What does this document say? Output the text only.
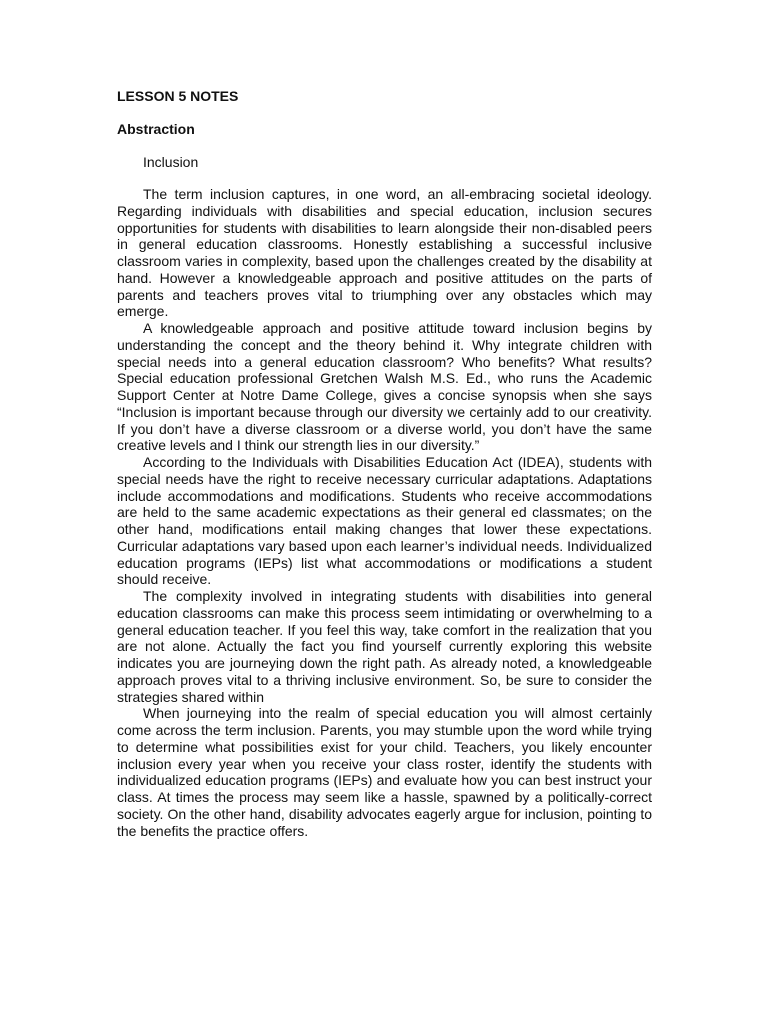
LESSON 5 NOTES

Abstraction

Inclusion

The term inclusion captures, in one word, an all-embracing societal ideology. Regarding individuals with disabilities and special education, inclusion secures opportunities for students with disabilities to learn alongside their non-disabled peers in general education classrooms. Honestly establishing a successful inclusive classroom varies in complexity, based upon the challenges created by the disability at hand. However a knowledgeable approach and positive attitudes on the parts of parents and teachers proves vital to triumphing over any obstacles which may emerge.

A knowledgeable approach and positive attitude toward inclusion begins by understanding the concept and the theory behind it. Why integrate children with special needs into a general education classroom? Who benefits? What results? Special education professional Gretchen Walsh M.S. Ed., who runs the Academic Support Center at Notre Dame College, gives a concise synopsis when she says “Inclusion is important because through our diversity we certainly add to our creativity. If you don’t have a diverse classroom or a diverse world, you don’t have the same creative levels and I think our strength lies in our diversity.”

According to the Individuals with Disabilities Education Act (IDEA), students with special needs have the right to receive necessary curricular adaptations. Adaptations include accommodations and modifications. Students who receive accommodations are held to the same academic expectations as their general ed classmates; on the other hand, modifications entail making changes that lower these expectations. Curricular adaptations vary based upon each learner’s individual needs. Individualized education programs (IEPs) list what accommodations or modifications a student should receive.

The complexity involved in integrating students with disabilities into general education classrooms can make this process seem intimidating or overwhelming to a general education teacher. If you feel this way, take comfort in the realization that you are not alone. Actually the fact you find yourself currently exploring this website indicates you are journeying down the right path. As already noted, a knowledgeable approach proves vital to a thriving inclusive environment. So, be sure to consider the strategies shared within

When journeying into the realm of special education you will almost certainly come across the term inclusion. Parents, you may stumble upon the word while trying to determine what possibilities exist for your child. Teachers, you likely encounter inclusion every year when you receive your class roster, identify the students with individualized education programs (IEPs) and evaluate how you can best instruct your class. At times the process may seem like a hassle, spawned by a politically-correct society. On the other hand, disability advocates eagerly argue for inclusion, pointing to the benefits the practice offers.
